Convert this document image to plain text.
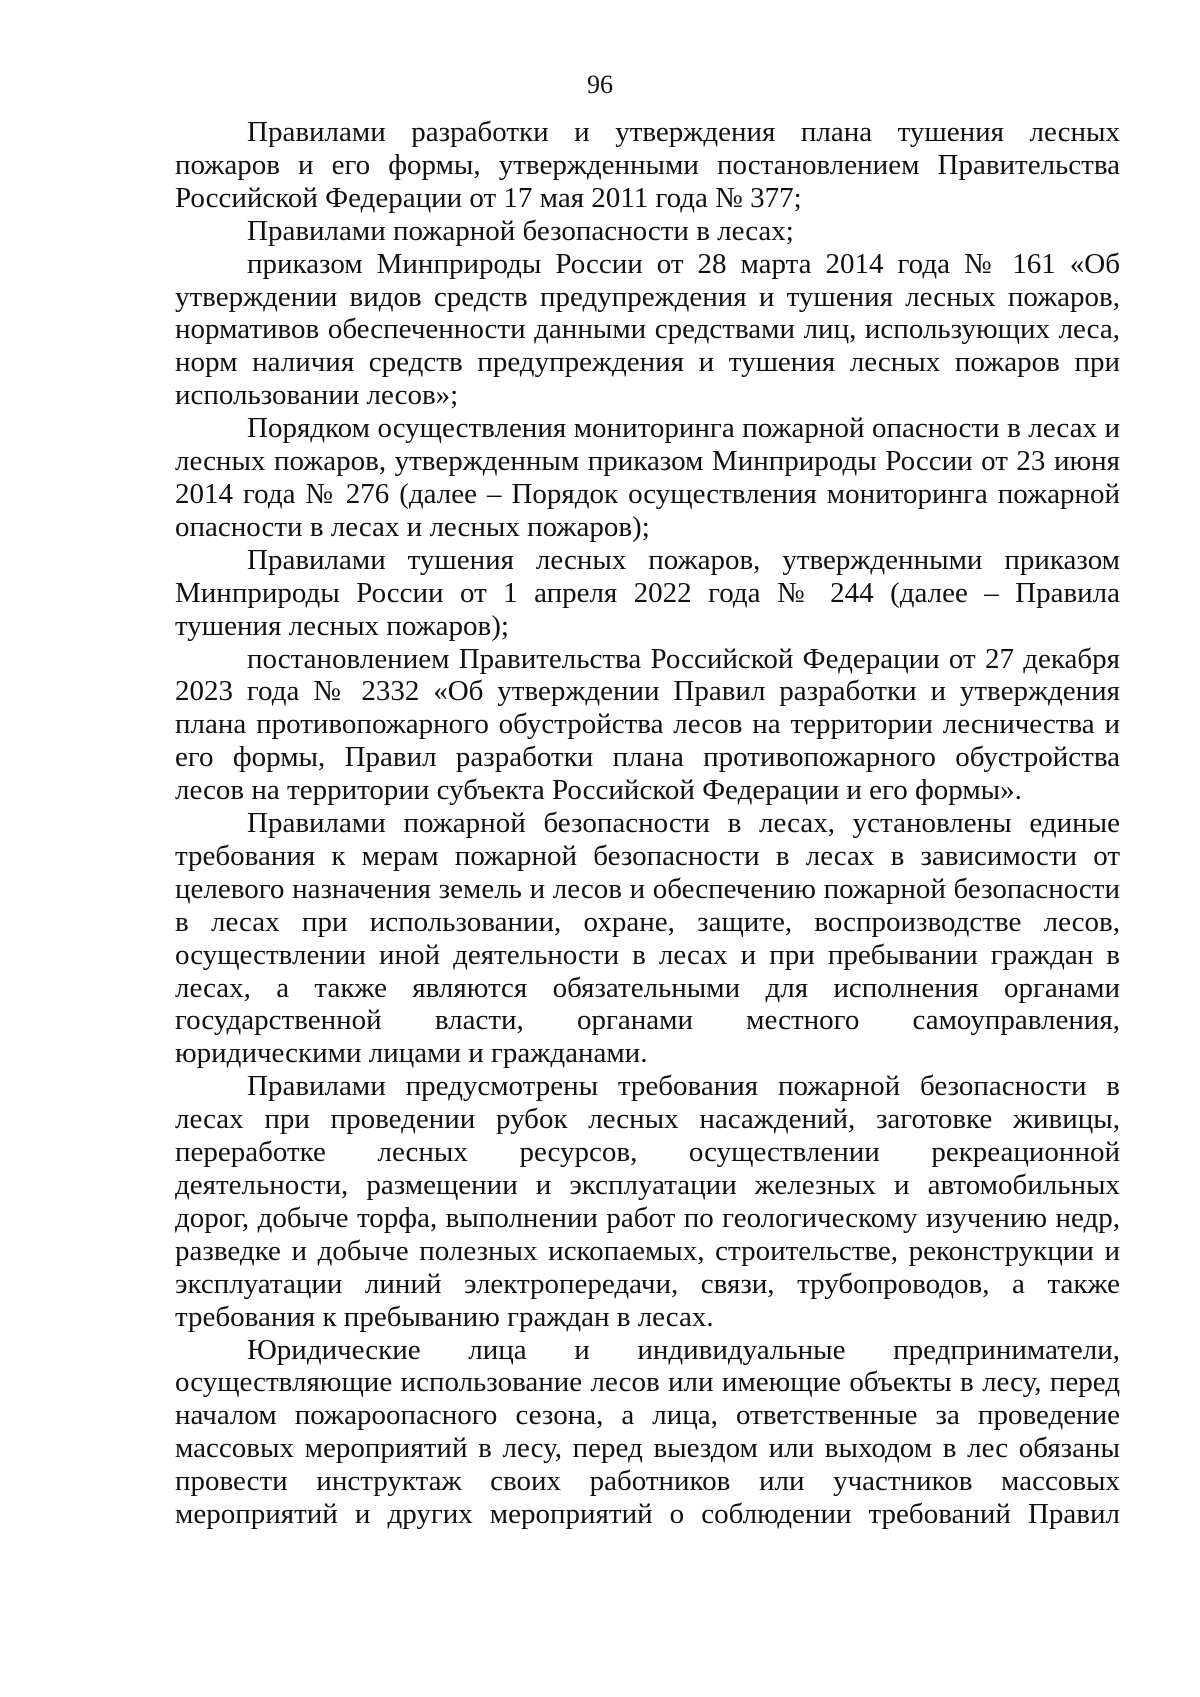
96

Правилами разработки и утверждения плана тушения лесных пожаров и его формы, утвержденными постановлением Правительства Российской Федерации от 17 мая 2011 года № 377;

Правилами пожарной безопасности в лесах;

приказом Минприроды России от 28 марта 2014 года № 161 «Об утверждении видов средств предупреждения и тушения лесных пожаров, нормативов обеспеченности данными средствами лиц, использующих леса, норм наличия средств предупреждения и тушения лесных пожаров при использовании лесов»;

Порядком осуществления мониторинга пожарной опасности в лесах и лесных пожаров, утвержденным приказом Минприроды России от 23 июня 2014 года № 276 (далее – Порядок осуществления мониторинга пожарной опасности в лесах и лесных пожаров);

Правилами тушения лесных пожаров, утвержденными приказом Минприроды России от 1 апреля 2022 года № 244 (далее – Правила тушения лесных пожаров);

постановлением Правительства Российской Федерации от 27 декабря 2023 года № 2332 «Об утверждении Правил разработки и утверждения плана противопожарного обустройства лесов на территории лесничества и его формы, Правил разработки плана противопожарного обустройства лесов на территории субъекта Российской Федерации и его формы».

Правилами пожарной безопасности в лесах, установлены единые требования к мерам пожарной безопасности в лесах в зависимости от целевого назначения земель и лесов и обеспечению пожарной безопасности в лесах при использовании, охране, защите, воспроизводстве лесов, осуществлении иной деятельности в лесах и при пребывании граждан в лесах, а также являются обязательными для исполнения органами государственной власти, органами местного самоуправления, юридическими лицами и гражданами.

Правилами предусмотрены требования пожарной безопасности в лесах при проведении рубок лесных насаждений, заготовке живицы, переработке лесных ресурсов, осуществлении рекреационной деятельности, размещении и эксплуатации железных и автомобильных дорог, добыче торфа, выполнении работ по геологическому изучению недр, разведке и добыче полезных ископаемых, строительстве, реконструкции и эксплуатации линий электропередачи, связи, трубопроводов, а также требования к пребыванию граждан в лесах.

Юридические лица и индивидуальные предприниматели, осуществляющие использование лесов или имеющие объекты в лесу, перед началом пожароопасного сезона, а лица, ответственные за проведение массовых мероприятий в лесу, перед выездом или выходом в лес обязаны провести инструктаж своих работников или участников массовых мероприятий и других мероприятий о соблюдении требований Правил
